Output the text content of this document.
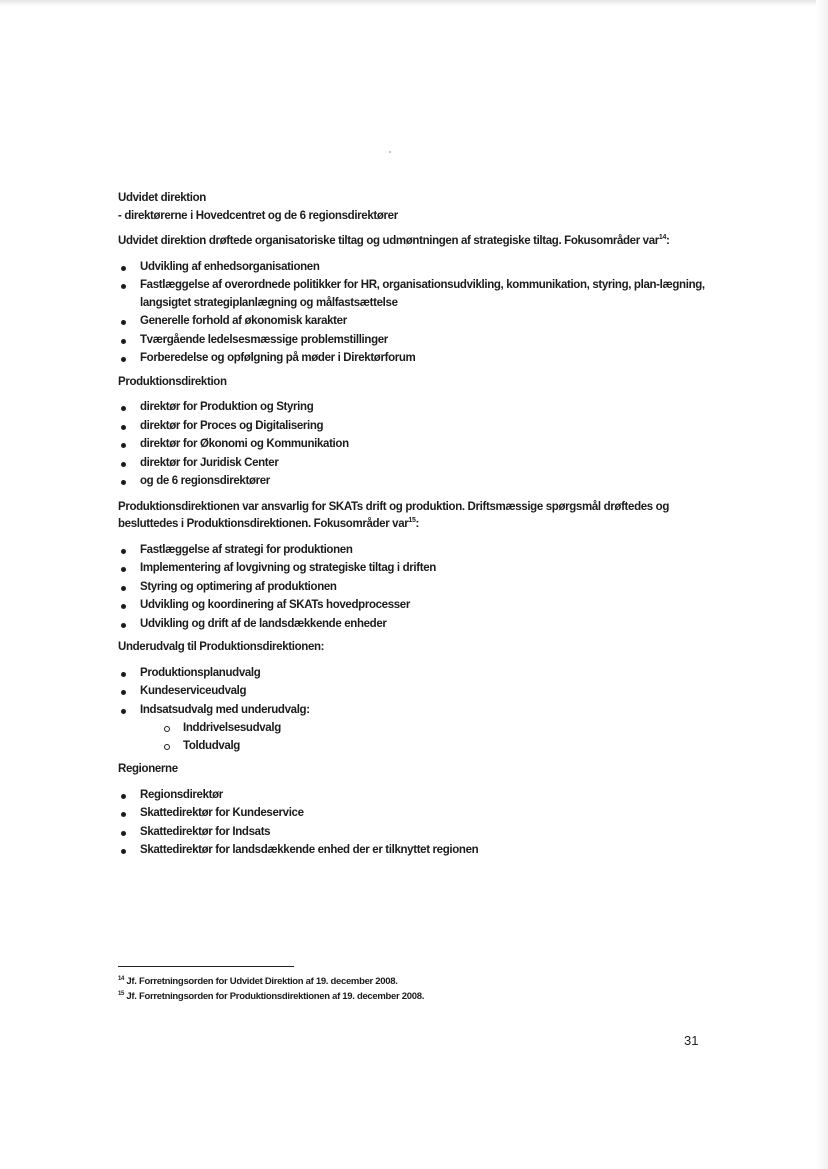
Udvidet direktion

- direktørerne i Hovedcentret og de 6 regionsdirektører

Udvidet direktion drøftede organisatoriske tiltag og udmøntningen af strategiske tiltag. Fokusområder var$^{14}$:

Udvikling af enhedsorganisationen
Fastlæggelse af overordnede politikker for HR, organisationsudvikling, kommunikation, styring, plan-lægning, langsigtet strategiplanlægning og målfastsættelse
Generelle forhold af økonomisk karakter
Tværgående ledelsesmæssige problemstillinger
Forberedelse og opfølgning på møder i Direktørforum

Produktionsdirektion

direktør for Produktion og Styring
direktør for Proces og Digitalisering
direktør for Økonomi og Kommunikation
direktør for Juridisk Center
og de 6 regionsdirektører

Produktionsdirektionen var ansvarlig for SKATs drift og produktion. Driftsmæssige spørgsmål drøftedes og besluttedes i Produktionsdirektionen. Fokusområder var$^{15}$:

Fastlæggelse af strategi for produktionen
Implementering af lovgivning og strategiske tiltag i driften
Styring og optimering af produktionen
Udvikling og koordinering af SKATs hovedprocesser
Udvikling og drift af de landsdækkende enheder

Underudvalg til Produktionsdirektionen:

Produktionsplanudvalg
Kundeserviceudvalg
Indsatsudvalg med underudvalg:
Inddrivelsesudvalg
Toldudvalg

Regionerne

Regionsdirektør
Skattedirektør for Kundeservice
Skattedirektør for Indsats
Skattedirektør for landsdækkende enhed der er tilknyttet regionen
$^{14}$ Jf. Forretningsorden for Udvidet Direktion af 19. december 2008.
$^{15}$ Jf. Forretningsorden for Produktionsdirektionen af 19. december 2008.
31
